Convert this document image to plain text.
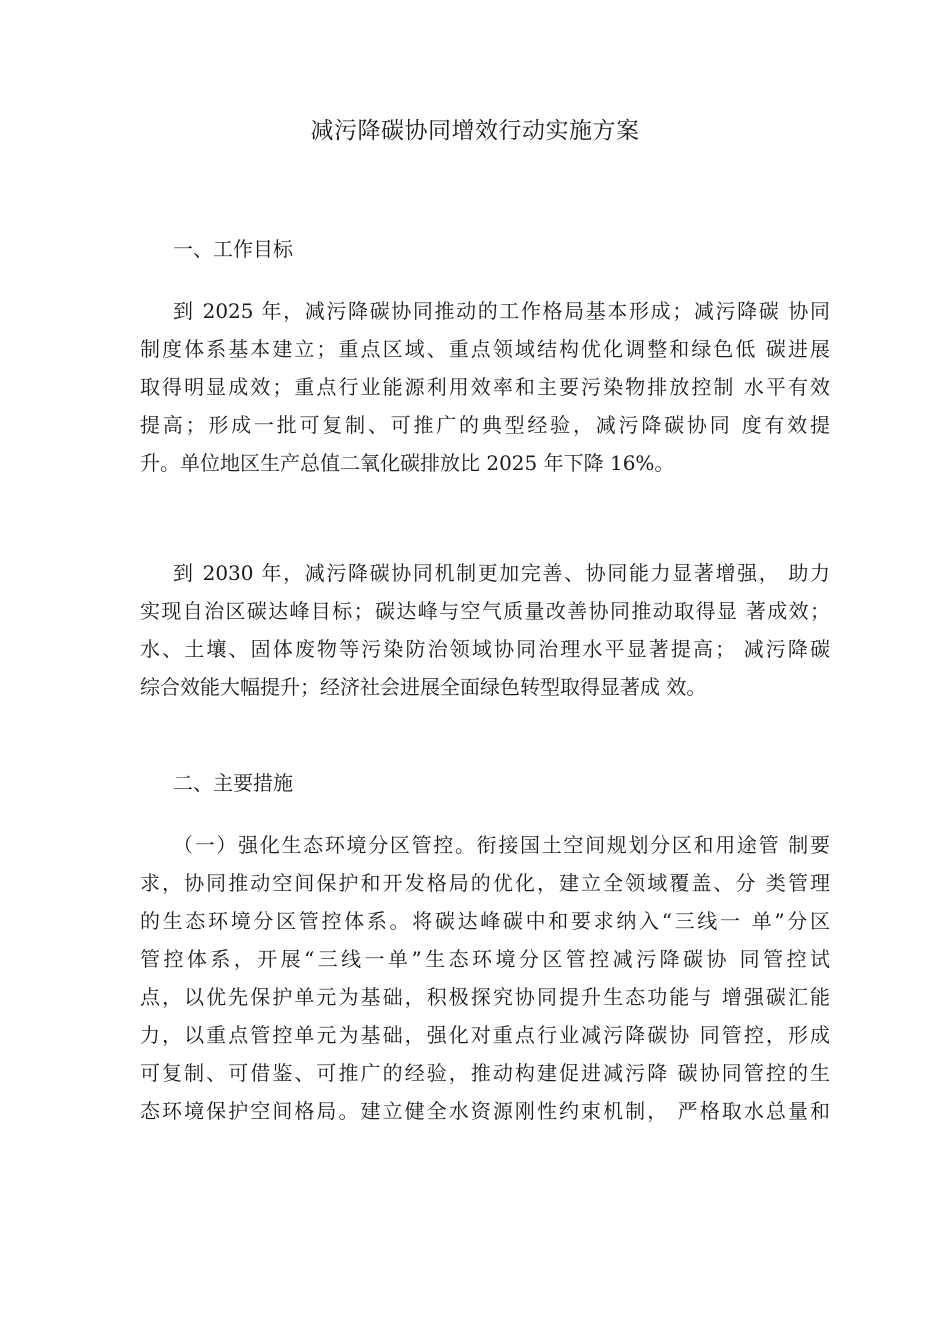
减污降碳协同增效行动实施方案
一、工作目标
到 2025 年，减污降碳协同推动的工作格局基本形成；减污降碳 协同
制度体系基本建立；重点区域、重点领域结构优化调整和绿色低 碳进展
取得明显成效；重点行业能源利用效率和主要污染物排放控制 水平有效
提高；形成一批可复制、可推广的典型经验，减污降碳协同 度有效提
升。单位地区生产总值二氧化碳排放比 2025 年下降 16%。
到 2030 年，减污降碳协同机制更加完善、协同能力显著增强， 助力
实现自治区碳达峰目标；碳达峰与空气质量改善协同推动取得显 著成效；
水、土壤、固体废物等污染防治领域协同治理水平显著提高； 减污降碳
综合效能大幅提升；经济社会进展全面绿色转型取得显著成 效。
二、主要措施
（一）强化生态环境分区管控。衔接国土空间规划分区和用途管 制要
求，协同推动空间保护和开发格局的优化，建立全领域覆盖、分 类管理
的生态环境分区管控体系。将碳达峰碳中和要求纳入“三线一 单”分区
管控体系，开展“三线一单”生态环境分区管控减污降碳协 同管控试
点，以优先保护单元为基础，积极探究协同提升生态功能与 增强碳汇能
力，以重点管控单元为基础，强化对重点行业减污降碳协 同管控，形成
可复制、可借鉴、可推广的经验，推动构建促进减污降 碳协同管控的生
态环境保护空间格局。建立健全水资源刚性约束机制， 严格取水总量和
